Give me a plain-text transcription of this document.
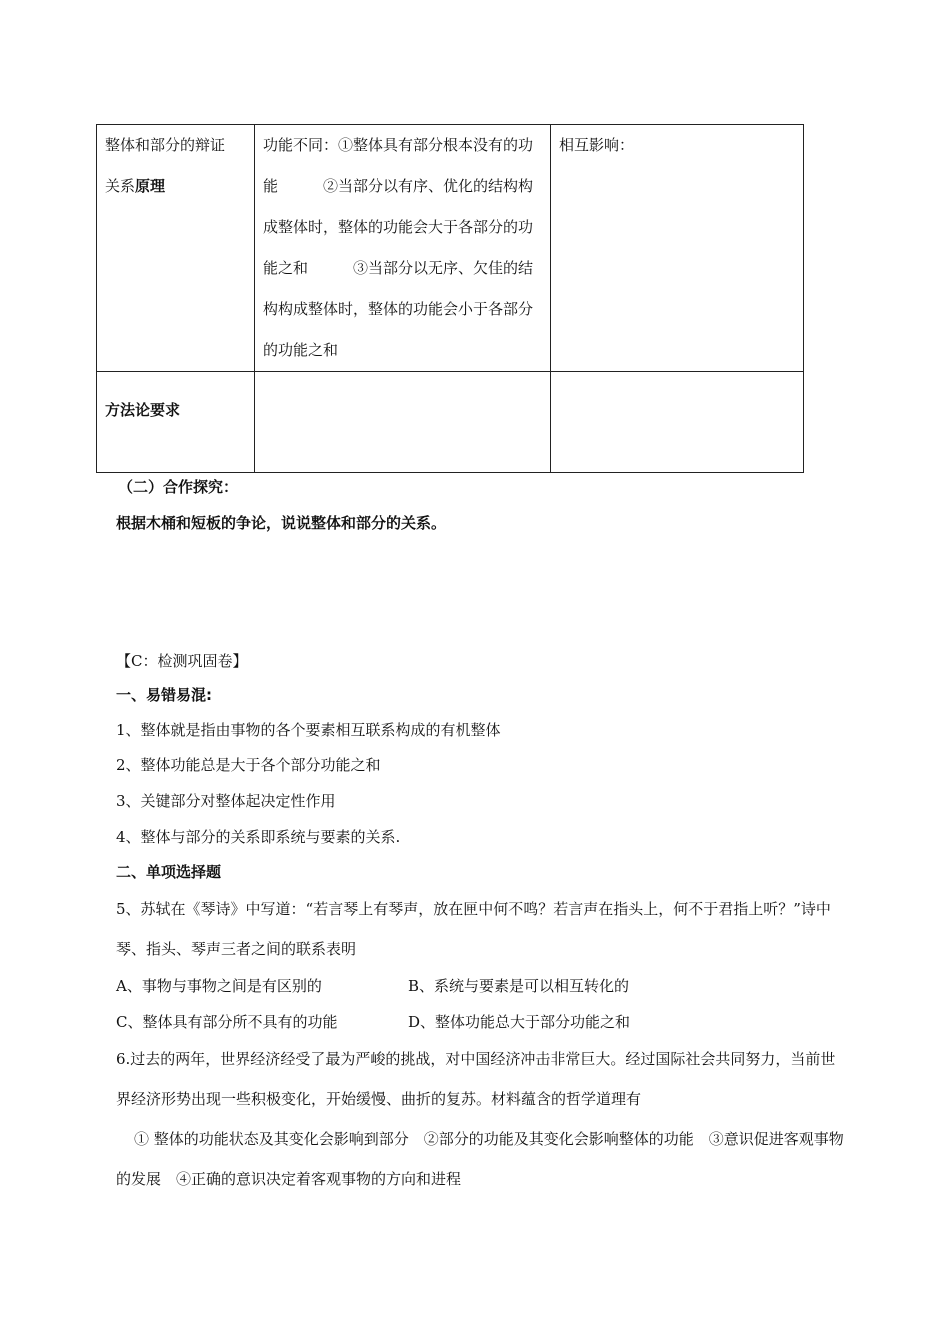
整体和部分的辩证
关系原理	功能不同：①整体具有部分根本没有的功能　　　②当部分以有序、优化的结构构成整体时，整体的功能会大于各部分的功能之和　　　③当部分以无序、欠佳的结构构成整体时，整体的功能会小于各部分的功能之和	相互影响：

方法论要求		

（二）合作探究：
根据木桶和短板的争论，说说整体和部分的关系。
【C：检测巩固卷】
一、易错易混:
1、整体就是指由事物的各个要素相互联系构成的有机整体
2、整体功能总是大于各个部分功能之和
3、关键部分对整体起决定性作用
4、整体与部分的关系即系统与要素的关系.
二、单项选择题
5、苏轼在《琴诗》中写道：“若言琴上有琴声，放在匣中何不鸣？若言声在指头上，何不于君指上听？”诗中琴、指头、琴声三者之间的联系表明
A、事物与事物之间是有区别的	B、系统与要素是可以相互转化的
C、整体具有部分所不具有的功能	D、整体功能总大于部分功能之和
6.过去的两年，世界经济经受了最为严峻的挑战，对中国经济冲击非常巨大。经过国际社会共同努力，当前世界经济形势出现一些积极变化，开始缓慢、曲折的复苏。材料蕴含的哲学道理有
① 整体的功能状态及其变化会影响到部分　②部分的功能及其变化会影响整体的功能　③意识促进客观事物的发展　④正确的意识决定着客观事物的方向和进程
